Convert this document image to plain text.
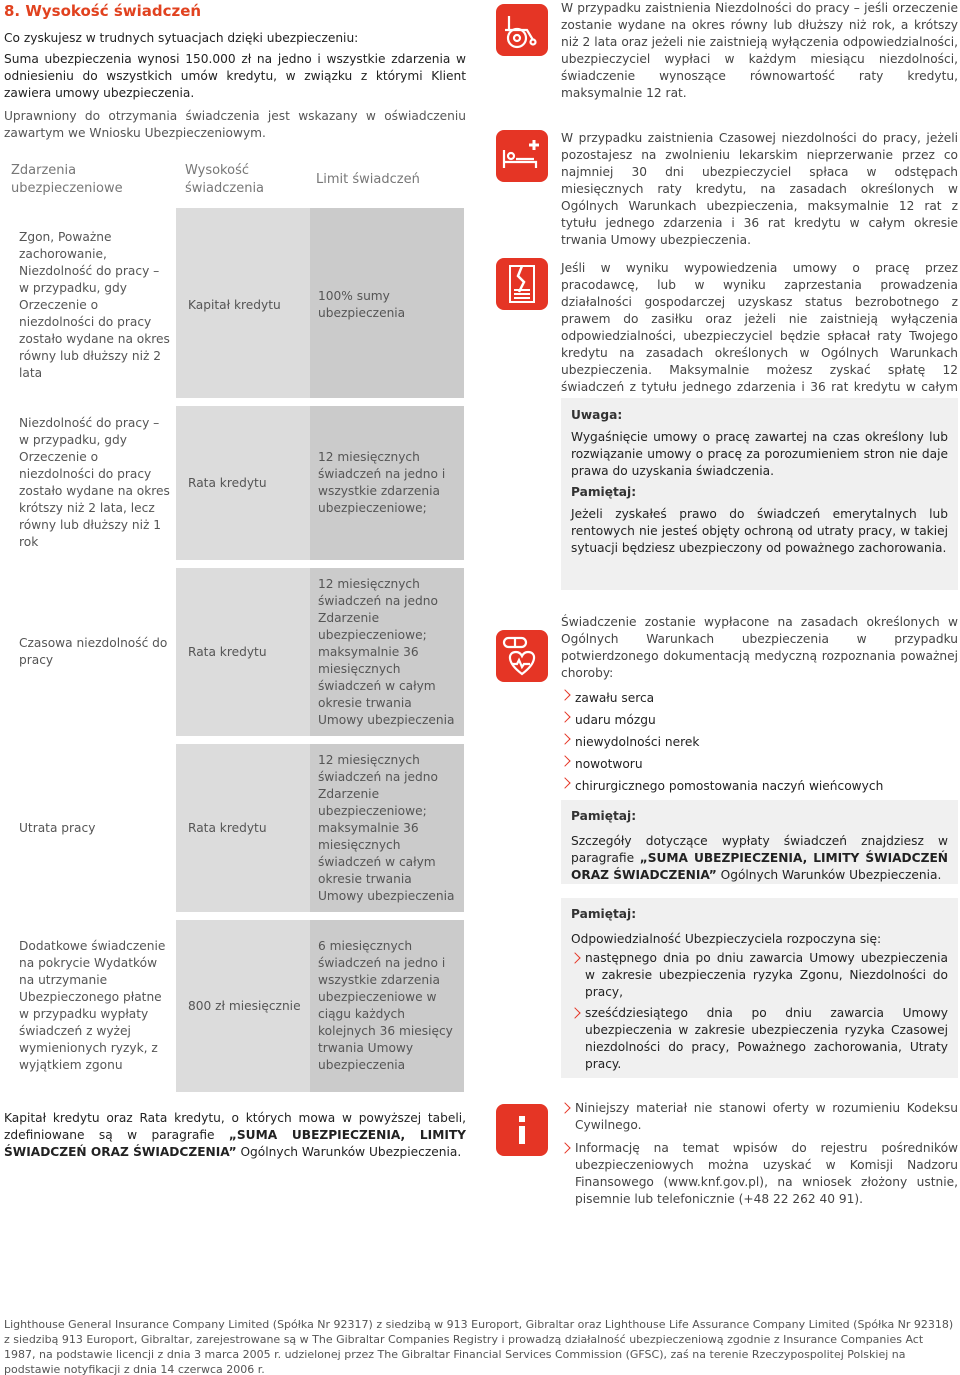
8. Wysokość świadczeń

Co zyskujesz w trudnych sytuacjach dzięki ubezpieczeniu:

Suma ubezpieczenia wynosi 150.000 zł na jedno i wszystkie zdarzenia w odniesieniu do wszystkich umów kredytu, w związku z którymi Klient zawiera umowy ubezpieczenia.

Uprawniony do otrzymania świadczenia jest wskazany w oświadczeniu zawartym we Wniosku Ubezpieczeniowym.

Zdarzenia ubezpieczeniowe
Wysokość świadczenia
Limit świadczeń
Zgon, Poważne zachorowanie, Niezdolność do pracy – w przypadku, gdy Orzeczenie o niezdolności do pracy zostało wydane na okres równy lub dłuższy niż 2 lata
Kapitał kredytu
100% sumy ubezpieczenia
Niezdolność do pracy – w przypadku, gdy Orzeczenie o niezdolności do pracy zostało wydane na okres krótszy niż 2 lata, lecz równy lub dłuższy niż 1 rok
Rata kredytu
12 miesięcznych świadczeń na jedno i wszystkie zdarzenia ubezpieczeniowe;
Czasowa niezdolność do pracy
Rata kredytu
12 miesięcznych świadczeń na jedno Zdarzenie ubezpieczeniowe; maksymalnie 36 miesięcznych świadczeń w całym okresie trwania Umowy ubezpieczenia
Utrata pracy	Rata kredytu
12 miesięcznych świadczeń na jedno Zdarzenie ubezpieczeniowe; maksymalnie 36 miesięcznych świadczeń w całym okresie trwania Umowy ubezpieczenia
Dodatkowe świadczenie na pokrycie Wydatków na utrzymanie Ubezpieczonego płatne w przypadku wypłaty świadczeń z wyżej wymienionych ryzyk, z wyjątkiem zgonu
800 zł miesięcznie
6 miesięcznych świadczeń na jedno i wszystkie zdarzenia ubezpieczeniowe w ciągu każdych kolejnych 36 miesięcy trwania Umowy ubezpieczenia

Kapitał kredytu oraz Rata kredytu, o których mowa w powyższej tabeli, zdefiniowane są w paragrafie „SUMA UBEZPIECZENIA, LIMITY ŚWIADCZEŃ ORAZ ŚWIADCZENIA” Ogólnych Warunków Ubezpieczenia.

W przypadku zaistnienia Niezdolności do pracy – jeśli orzeczenie zostanie wydane na okres równy lub dłuższy niż rok, a krótszy niż 2 lata oraz jeżeli nie zaistnieją wyłączenia odpowiedzialności, ubezpieczyciel wypłaci w każdym miesiącu niezdolności, świadczenie wynoszące równowartość raty kredytu, maksymalnie 12 rat.

W przypadku zaistnienia Czasowej niezdolności do pracy, jeżeli pozostajesz na zwolnieniu lekarskim nieprzerwanie przez co najmniej 30 dni ubezpieczyciel spłaca w odstępach miesięcznych raty kredytu, na zasadach określonych w Ogólnych Warunkach ubezpieczenia, maksymalnie 12 rat z tytułu jednego zdarzenia i 36 rat kredytu w całym okresie trwania Umowy ubezpieczenia.

Jeśli w wyniku wypowiedzenia umowy o pracę przez pracodawcę, lub w wyniku zaprzestania prowadzenia działalności gospodarczej uzyskasz status bezrobotnego z prawem do zasiłku oraz jeżeli nie zaistnieją wyłączenia odpowiedzialności, ubezpieczyciel będzie spłacał raty Twojego kredytu na zasadach określonych w Ogólnych Warunkach ubezpieczenia. Maksymalnie możesz zyskać spłatę 12 świadczeń z tytułu jednego zdarzenia i 36 rat kredytu w całym

Uwaga:
Wygaśnięcie umowy o pracę zawartej na czas określony lub rozwiązanie umowy o pracę za porozumieniem stron nie daje prawa do uzyskania świadczenia.
Pamiętaj:
Jeżeli zyskałeś prawo do świadczeń emerytalnych lub rentowych nie jesteś objęty ochroną od utraty pracy, w takiej sytuacji będziesz ubezpieczony od poważnego zachorowania.

Świadczenie zostanie wypłacone na zasadach określonych w Ogólnych Warunkach ubezpieczenia w przypadku potwierdzonego dokumentacją medyczną rozpoznania poważnej choroby:

zawału serca
udaru mózgu
niewydolności nerek
nowotworu
chirurgicznego pomostowania naczyń wieńcowych
Pamiętaj:
Szczegóły dotyczące wypłaty świadczeń znajdziesz w paragrafie „SUMA UBEZPIECZENIA, LIMITY ŚWIADCZEŃ ORAZ ŚWIADCZENIA” Ogólnych Warunków Ubezpieczenia.
Pamiętaj:
Odpowiedzialność Ubezpieczyciela rozpoczyna się:
następnego dnia po dniu zawarcia Umowy ubezpieczenia w zakresie ubezpieczenia ryzyka Zgonu, Niezdolności do pracy,
sześćdziesiątego dnia po dniu zawarcia Umowy ubezpieczenia w zakresie ubezpieczenia ryzyka Czasowej niezdolności do pracy, Poważnego zachorowania, Utraty pracy.
Niniejszy materiał nie stanowi oferty w rozumieniu Kodeksu Cywilnego.
Informację na temat wpisów do rejestru pośredników ubezpieczeniowych można uzyskać w Komisji Nadzoru Finansowego (www.knf.gov.pl), na wniosek złożony ustnie, pisemnie lub telefonicznie (+48 22 262 40 91).

Lighthouse General Insurance Company Limited (Spółka Nr 92317) z siedzibą w 913 Europort, Gibraltar oraz Lighthouse Life Assurance Company Limited (Spółka Nr 92318) z siedzibą 913 Europort, Gibraltar, zarejestrowane są w The Gibraltar Companies Registry i prowadzą działalność ubezpieczeniową zgodnie z Insurance Companies Act 1987, na podstawie licencji z dnia 3 marca 2005 r. udzielonej przez The Gibraltar Financial Services Commission (GFSC), zaś na terenie Rzeczypospolitej Polskiej na podstawie notyfikacji z dnia 14 czerwca 2006 r.
